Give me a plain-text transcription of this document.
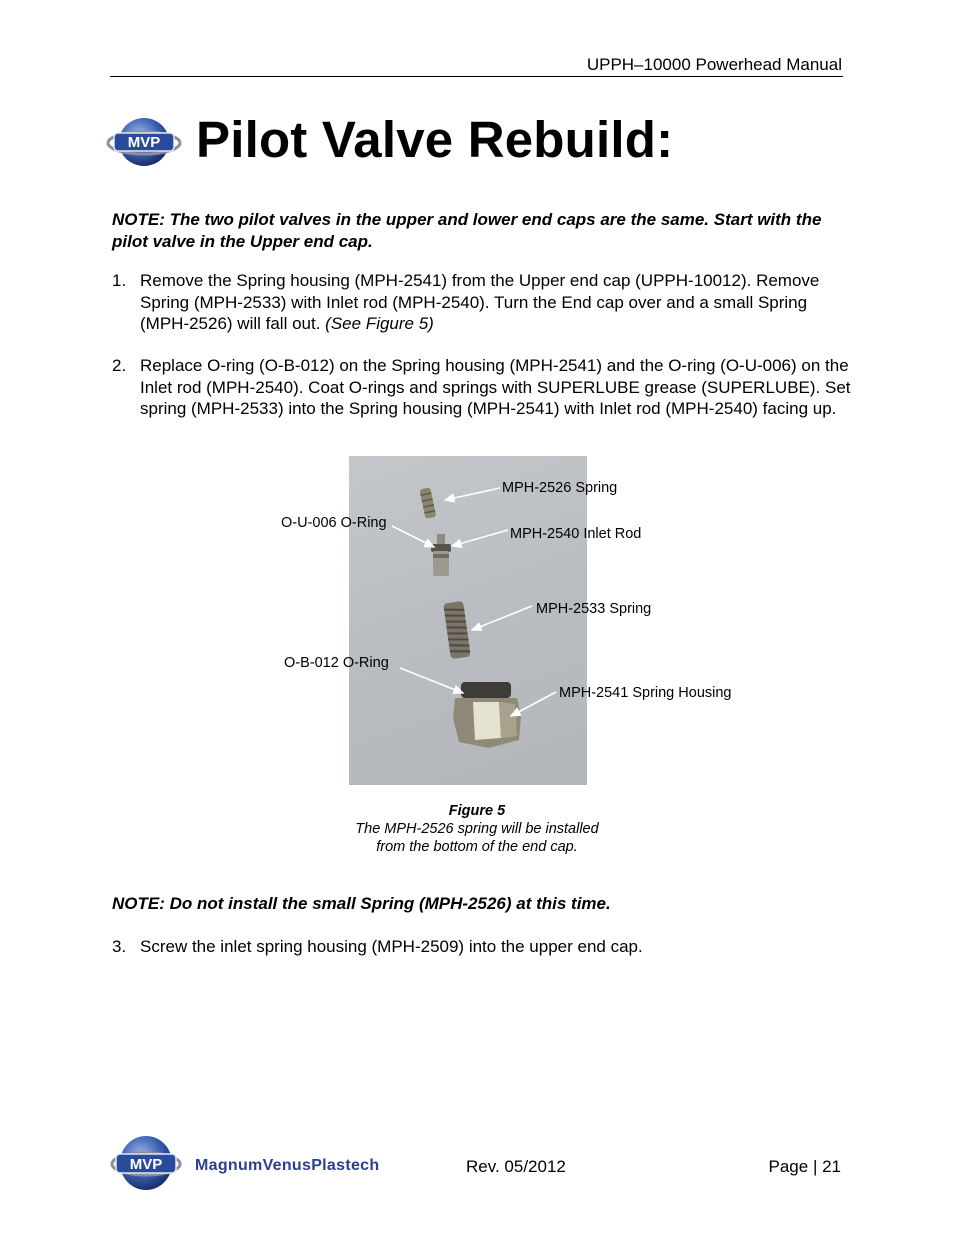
UPPH–10000 Powerhead Manual
MVP Pilot Valve Rebuild:
NOTE: The two pilot valves in the upper and lower end caps are the same. Start with the pilot valve in the Upper end cap.
1. Remove the Spring housing (MPH-2541) from the Upper end cap (UPPH-10012). Remove Spring (MPH-2533) with Inlet rod (MPH-2540). Turn the End cap over and a small Spring (MPH-2526) will fall out. (See Figure 5)
2. Replace O-ring (O-B-012) on the Spring housing (MPH-2541) and the O-ring (O-U-006) on the Inlet rod (MPH-2540). Coat O-rings and springs with SUPERLUBE grease (SUPERLUBE). Set spring (MPH-2533) into the Spring housing (MPH-2541) with Inlet rod (MPH-2540) facing up.
MPH-2526 Spring
O-U-006 O-Ring
MPH-2540 Inlet Rod
MPH-2533 Spring
O-B-012 O-Ring
MPH-2541 Spring Housing
Figure 5
The MPH-2526 spring will be installed
from the bottom of the end cap.
NOTE: Do not install the small Spring (MPH-2526) at this time.
3. Screw the inlet spring housing (MPH-2509) into the upper end cap.
MVP MagnumVenusPlastech	Rev. 05/2012	Page | 21
